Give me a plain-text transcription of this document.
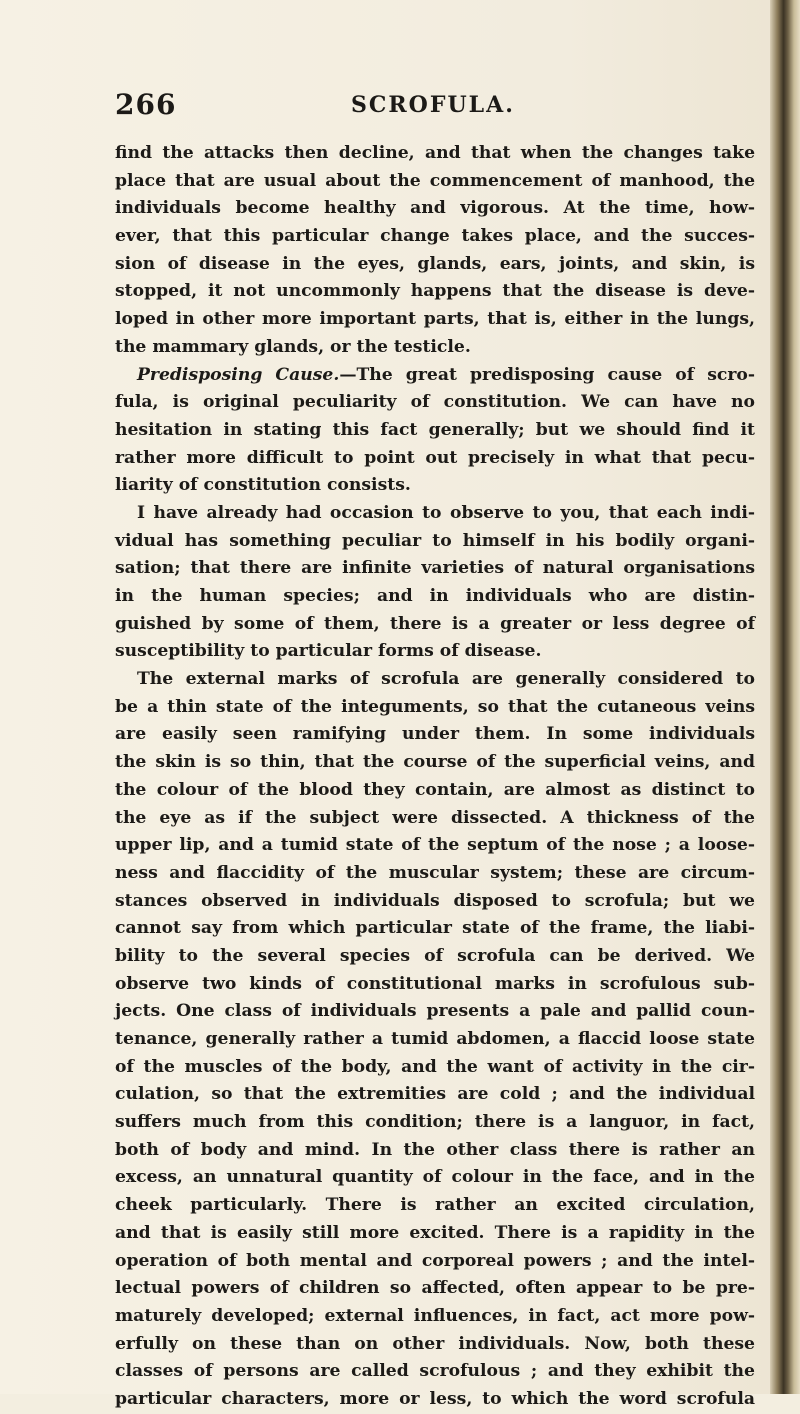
266	SCROFULA.
find the attacks then decline, and that when the changes take
place that are usual about the commencement of manhood, the
individuals become healthy and vigorous. At the time, how-
ever, that this particular change takes place, and the succes-
sion of disease in the eyes, glands, ears, joints, and skin, is
stopped, it not uncommonly happens that the disease is deve-
loped in other more important parts, that is, either in the lungs,
the mammary glands, or the testicle.
Predisposing Cause.—The great predisposing cause of scro-
fula, is original peculiarity of constitution. We can have no
hesitation in stating this fact generally; but we should find it
rather more difficult to point out precisely in what that pecu-
liarity of constitution consists.
I have already had occasion to observe to you, that each indi-
vidual has something peculiar to himself in his bodily organi-
sation; that there are infinite varieties of natural organisations
in the human species; and in individuals who are distin-
guished by some of them, there is a greater or less degree of
susceptibility to particular forms of disease.
The external marks of scrofula are generally considered to
be a thin state of the integuments, so that the cutaneous veins
are easily seen ramifying under them. In some individuals
the skin is so thin, that the course of the superficial veins, and
the colour of the blood they contain, are almost as distinct to
the eye as if the subject were dissected. A thickness of the
upper lip, and a tumid state of the septum of the nose ; a loose-
ness and flaccidity of the muscular system; these are circum-
stances observed in individuals disposed to scrofula; but we
cannot say from which particular state of the frame, the liabi-
bility to the several species of scrofula can be derived. We
observe two kinds of constitutional marks in scrofulous sub-
jects. One class of individuals presents a pale and pallid coun-
tenance, generally rather a tumid abdomen, a flaccid loose state
of the muscles of the body, and the want of activity in the cir-
culation, so that the extremities are cold ; and the individual
suffers much from this condition; there is a languor, in fact,
both of body and mind. In the other class there is rather an
excess, an unnatural quantity of colour in the face, and in the
cheek particularly. There is rather an excited circulation,
and that is easily still more excited. There is a rapidity in the
operation of both mental and corporeal powers ; and the intel-
lectual powers of children so affected, often appear to be pre-
maturely developed; external influences, in fact, act more pow-
erfully on these than on other individuals. Now, both these
classes of persons are called scrofulous ; and they exhibit the
particular characters, more or less, to which the word scrofula
